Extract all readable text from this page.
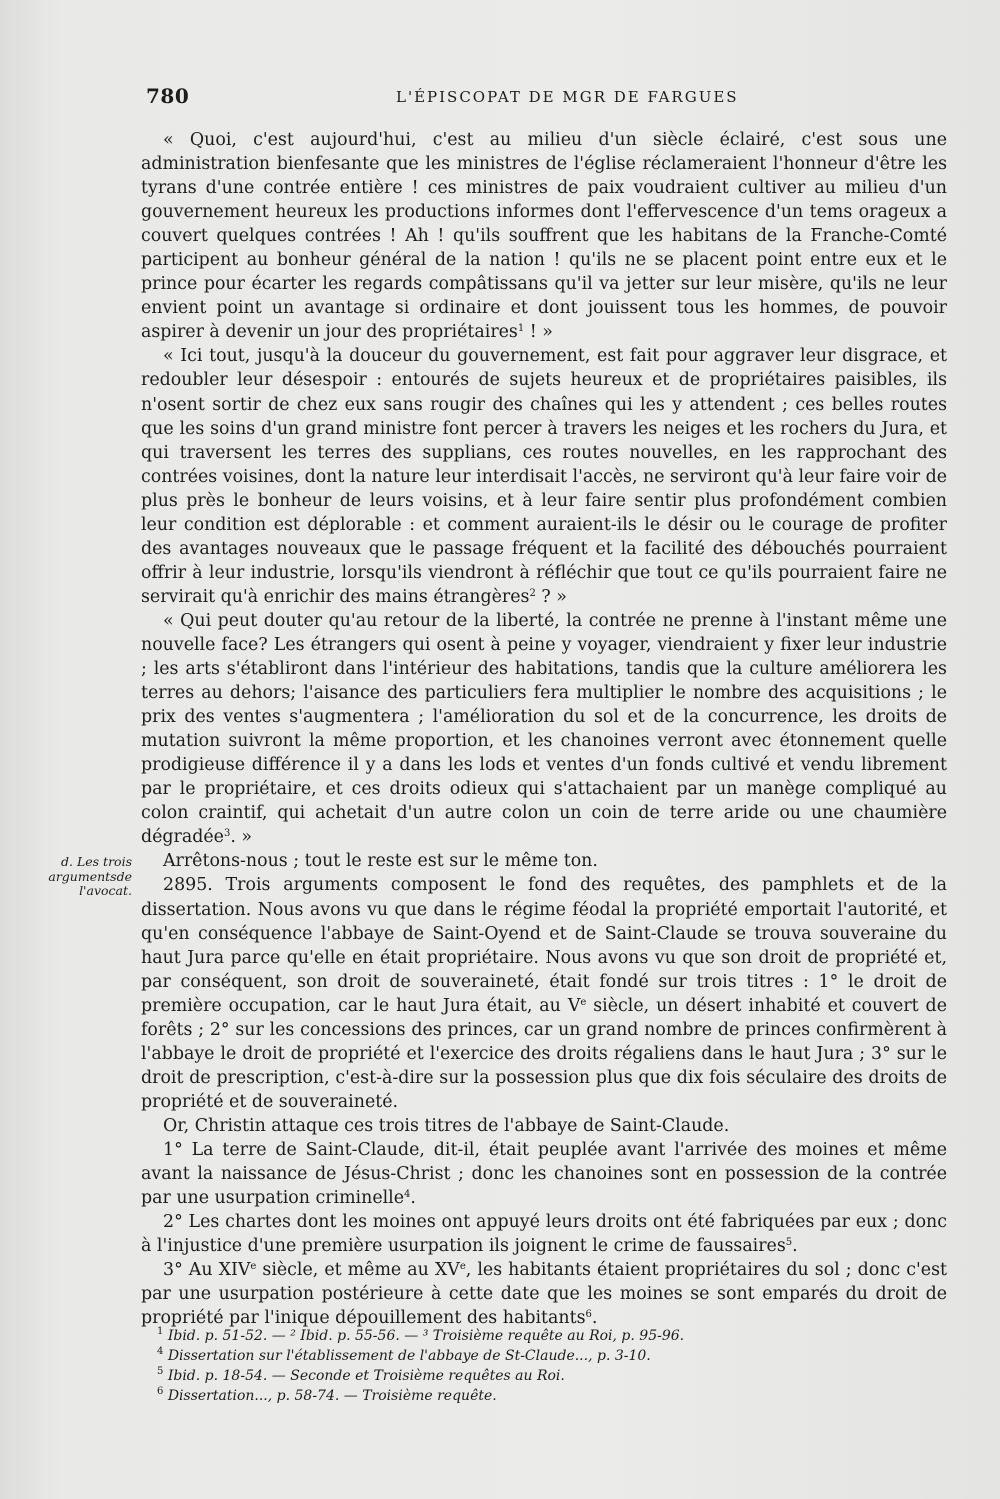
780	L'ÉPISCOPAT DE MGR DE FARGUES
d. Les trois
argumentsde
l'avocat.

« Quoi, c'est aujourd'hui, c'est au milieu d'un siècle éclairé, c'est sous une administration bienfesante que les ministres de l'église réclameraient l'honneur d'être les tyrans d'une contrée entière ! ces ministres de paix voudraient cultiver au milieu d'un gouvernement heureux les productions informes dont l'effervescence d'un tems orageux a couvert quelques contrées ! Ah ! qu'ils souffrent que les habitans de la Franche-Comté participent au bonheur général de la nation ! qu'ils ne se placent point entre eux et le prince pour écarter les regards compâtissans qu'il va jetter sur leur misère, qu'ils ne leur envient point un avantage si ordinaire et dont jouissent tous les hommes, de pouvoir aspirer à devenir un jour des propriétaires$^1$ ! »

« Ici tout, jusqu'à la douceur du gouvernement, est fait pour aggraver leur disgrace, et redoubler leur désespoir : entourés de sujets heureux et de propriétaires paisibles, ils n'osent sortir de chez eux sans rougir des chaînes qui les y attendent ; ces belles routes que les soins d'un grand ministre font percer à travers les neiges et les rochers du Jura, et qui traversent les terres des supplians, ces routes nouvelles, en les rapprochant des contrées voisines, dont la nature leur interdisait l'accès, ne serviront qu'à leur faire voir de plus près le bonheur de leurs voisins, et à leur faire sentir plus profondément combien leur condition est déplorable : et comment auraient-ils le désir ou le courage de profiter des avantages nouveaux que le passage fréquent et la facilité des débouchés pourraient offrir à leur industrie, lorsqu'ils viendront à réfléchir que tout ce qu'ils pourraient faire ne servirait qu'à enrichir des mains étrangères$^2$ ? »

« Qui peut douter qu'au retour de la liberté, la contrée ne prenne à l'instant même une nouvelle face? Les étrangers qui osent à peine y voyager, viendraient y fixer leur industrie ; les arts s'établiront dans l'intérieur des habitations, tandis que la culture améliorera les terres au dehors; l'aisance des particuliers fera multiplier le nombre des acquisitions ; le prix des ventes s'augmentera ; l'amélioration du sol et de la concurrence, les droits de mutation suivront la même proportion, et les chanoines verront avec étonnement quelle prodigieuse différence il y a dans les lods et ventes d'un fonds cultivé et vendu librement par le propriétaire, et ces droits odieux qui s'attachaient par un manège compliqué au colon craintif, qui achetait d'un autre colon un coin de terre aride ou une chaumière dégradée$^3$. »

Arrêtons-nous ; tout le reste est sur le même ton.

2895. Trois arguments composent le fond des requêtes, des pamphlets et de la dissertation. Nous avons vu que dans le régime féodal la propriété emportait l'autorité, et qu'en conséquence l'abbaye de Saint-Oyend et de Saint-Claude se trouva souveraine du haut Jura parce qu'elle en était propriétaire. Nous avons vu que son droit de propriété et, par conséquent, son droit de souveraineté, était fondé sur trois titres : 1° le droit de première occupation, car le haut Jura était, au Ve siècle, un désert inhabité et couvert de forêts ; 2° sur les concessions des princes, car un grand nombre de princes confirmèrent à l'abbaye le droit de propriété et l'exercice des droits régaliens dans le haut Jura ; 3° sur le droit de prescription, c'est-à-dire sur la possession plus que dix fois séculaire des droits de propriété et de souveraineté.

Or, Christin attaque ces trois titres de l'abbaye de Saint-Claude.

1° La terre de Saint-Claude, dit-il, était peuplée avant l'arrivée des moines et même avant la naissance de Jésus-Christ ; donc les chanoines sont en possession de la contrée par une usurpation criminelle$^4$.

2° Les chartes dont les moines ont appuyé leurs droits ont été fabriquées par eux ; donc à l'injustice d'une première usurpation ils joignent le crime de faussaires$^5$.

3° Au XIVe siècle, et même au XVe, les habitants étaient propriétaires du sol ; donc c'est par une usurpation postérieure à cette date que les moines se sont emparés du droit de propriété par l'inique dépouillement des habitants$^6$.

$^1$ Ibid. p. 51-52. — ² Ibid. p. 55-56. — ³ Troisième requête au Roi, p. 95-96.

$^4$ Dissertation sur l'établissement de l'abbaye de St-Claude..., p. 3-10.

$^5$ Ibid. p. 18-54. — Seconde et Troisième requêtes au Roi.

$^6$ Dissertation..., p. 58-74. — Troisième requête.
